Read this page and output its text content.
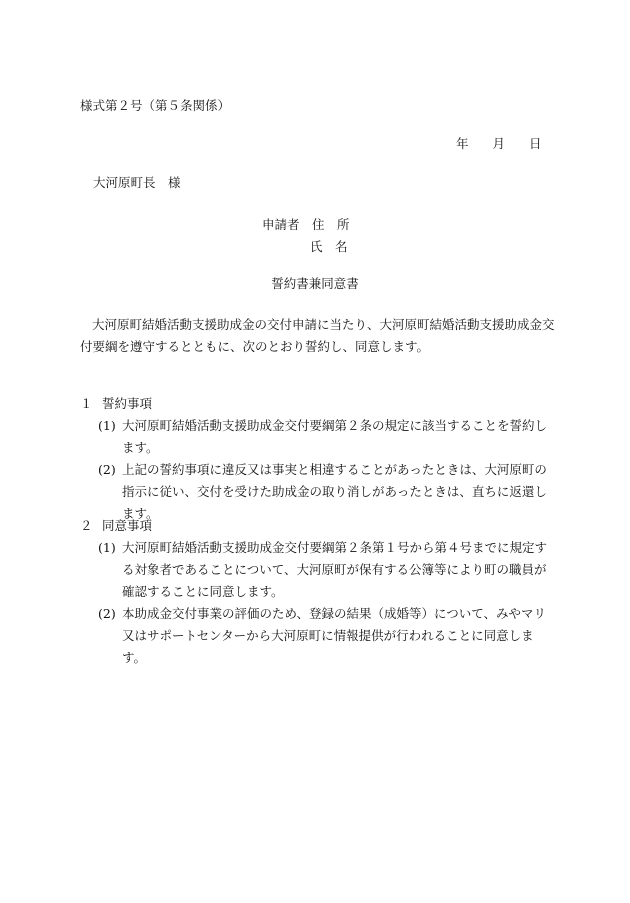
様式第２号（第５条関係）
年 月 日
大河原町長　様
申請者　 住　所
氏　名
誓約書兼同意書
大河原町結婚活動支援助成金の交付申請に当たり、大河原町結婚活動支援助成金交付要綱を遵守するとともに、次のとおり誓約し、同意します。
１ 誓約事項
(1) 大河原町結婚活動支援助成金交付要綱第２条の規定に該当することを誓約します。
(2) 上記の誓約事項に違反又は事実と相違することがあったときは、大河原町の指示に従い、交付を受けた助成金の取り消しがあったときは、直ちに返還します。
２ 同意事項
(1) 大河原町結婚活動支援助成金交付要綱第２条第１号から第４号までに規定する対象者であることについて、大河原町が保有する公簿等により町の職員が確認することに同意します。
(2) 本助成金交付事業の評価のため、登録の結果（成婚等）について、みやマリ又はサポートセンターから大河原町に情報提供が行われることに同意します。
